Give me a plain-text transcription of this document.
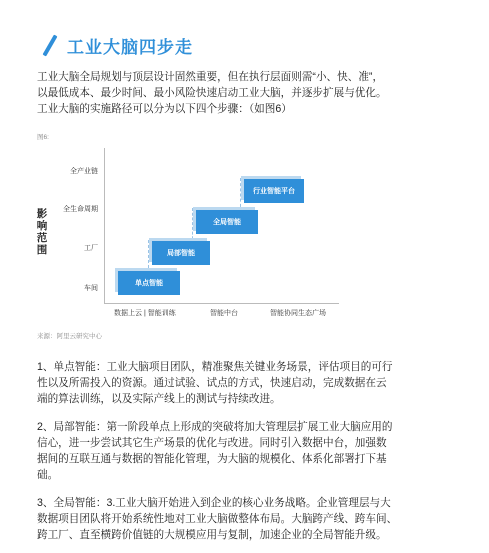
工业大脑四步走

工业大脑全局规划与顶层设计固然重要，但在执行层面则需“小、快、准”，

以最低成本、最少时间、最小风险快速启动工业大脑，并逐步扩展与优化。

工业大脑的实施路径可以分为以下四个步骤：（如图6）

图6:
影
响
范
围
全产业链
全生命周期
工厂
车间
单点智能
局部智能
全局智能
行业智能平台
数据上云 | 智能训练	智能中台	智能协同生态广场
来源：阿里云研究中心

1、单点智能：工业大脑项目团队，精准聚焦关键业务场景，评估项目的可行

性以及所需投入的资源。通过试验、试点的方式，快速启动，完成数据在云

端的算法训练，以及实际产线上的测试与持续改进。

2、局部智能：第一阶段单点上形成的突破将加大管理层扩展工业大脑应用的

信心，进一步尝试其它生产场景的优化与改进。同时引入数据中台，加强数

据间的互联互通与数据的智能化管理，为大脑的规模化、体系化部署打下基

础。

3、全局智能：3.工业大脑开始进入到企业的核心业务战略。企业管理层与大

数据项目团队将开始系统性地对工业大脑做整体布局。大脑跨产线、跨车间、

跨工厂、直至横跨价值链的大规模应用与复制，加速企业的全局智能升级。
